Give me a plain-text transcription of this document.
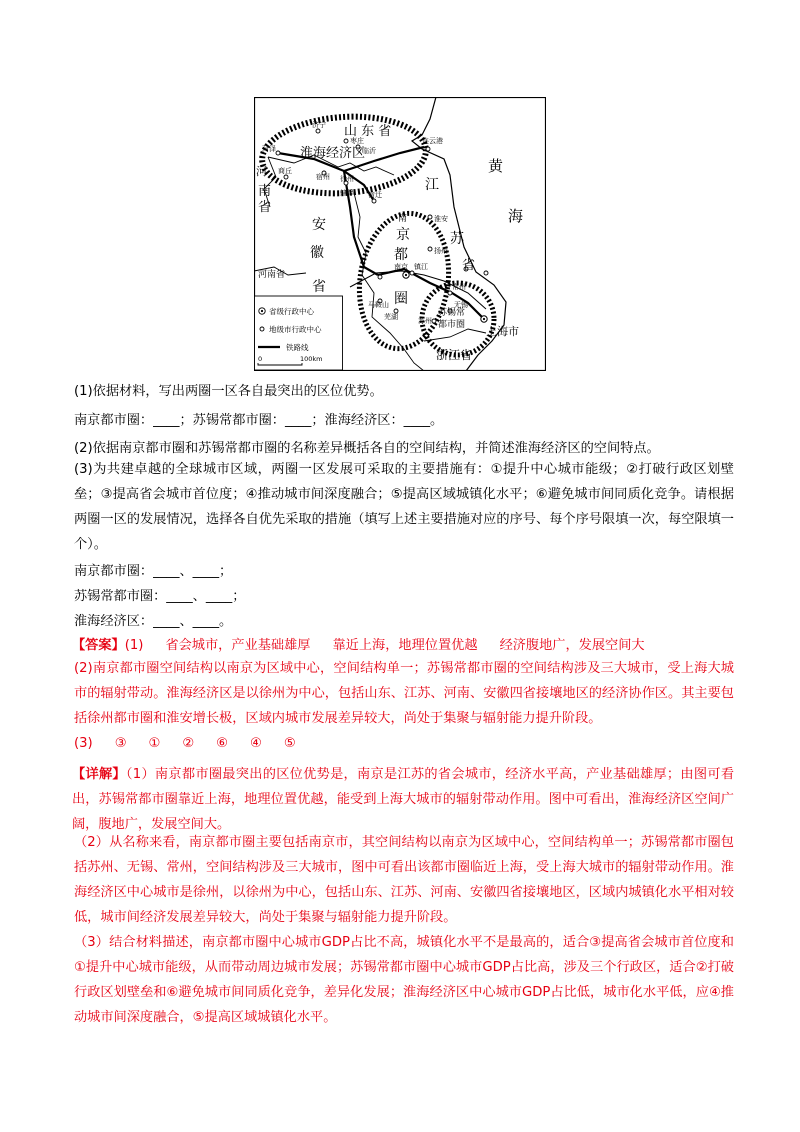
山 东 省
淮海经济区
江
苏
省
黄
海
河
南
省
安
徽
省
河南省
浙江省
上海市
京
都
圈
南
苏锡常
都市圈
连云港
徐州
宿迁
淮安
扬州
镇江
南京
马鞍山
芜湖
常州
无锡
苏州
菏泽
济宁
枣庄
临沂
商丘
宿州
蚌埠
省级行政中心
地级市行政中心
铁路线
0	100km
(1)依据材料，写出两圈一区各自最突出的区位优势。
南京都市圈：____；苏锡常都市圈：____；淮海经济区：____。
(2)依据南京都市圈和苏锡常都市圈的名称差异概括各自的空间结构，并简述淮海经济区的空间特点。
(3)为共建卓越的全球城市区域，两圈一区发展可采取的主要措施有：①提升中心城市能级；②打破行政区划壁垒；③提高省会城市首位度；④推动城市间深度融合；⑤提高区域城镇化水平；⑥避免城市间同质化竞争。请根据两圈一区的发展情况，选择各自优先采取的措施（填写上述主要措施对应的序号、每个序号限填一次，每空限填一个）。
南京都市圈：____、____；
苏锡常都市圈：____、____；
淮海经济区：____、____。
【答案】(1) 省会城市，产业基础雄厚 靠近上海，地理位置优越 经济腹地广，发展空间大
(2)南京都市圈空间结构以南京为区域中心，空间结构单一；苏锡常都市圈的空间结构涉及三大城市，受上海大城市的辐射带动。淮海经济区是以徐州为中心，包括山东、江苏、河南、安徽四省接壤地区的经济协作区。其主要包括徐州都市圈和淮安增长极，区域内城市发展差异较大，尚处于集聚与辐射能力提升阶段。
(3) ③ ① ② ⑥ ④ ⑤
【详解】（1）南京都市圈最突出的区位优势是，南京是江苏的省会城市，经济水平高，产业基础雄厚；由图可看出，苏锡常都市圈靠近上海，地理位置优越，能受到上海大城市的辐射带动作用。图中可看出，淮海经济区空间广阔，腹地广，发展空间大。
（2）从名称来看，南京都市圈主要包括南京市，其空间结构以南京为区域中心，空间结构单一；苏锡常都市圈包括苏州、无锡、常州，空间结构涉及三大城市，图中可看出该都市圈临近上海，受上海大城市的辐射带动作用。淮海经济区中心城市是徐州，以徐州为中心，包括山东、江苏、河南、安徽四省接壤地区，区域内城镇化水平相对较低，城市间经济发展差异较大，尚处于集聚与辐射能力提升阶段。
（3）结合材料描述，南京都市圈中心城市GDP占比不高，城镇化水平不是最高的，适合③提高省会城市首位度和①提升中心城市能级，从而带动周边城市发展；苏锡常都市圈中心城市GDP占比高，涉及三个行政区，适合②打破行政区划壁垒和⑥避免城市间同质化竞争，差异化发展；淮海经济区中心城市GDP占比低，城市化水平低，应④推动城市间深度融合，⑤提高区域城镇化水平。
